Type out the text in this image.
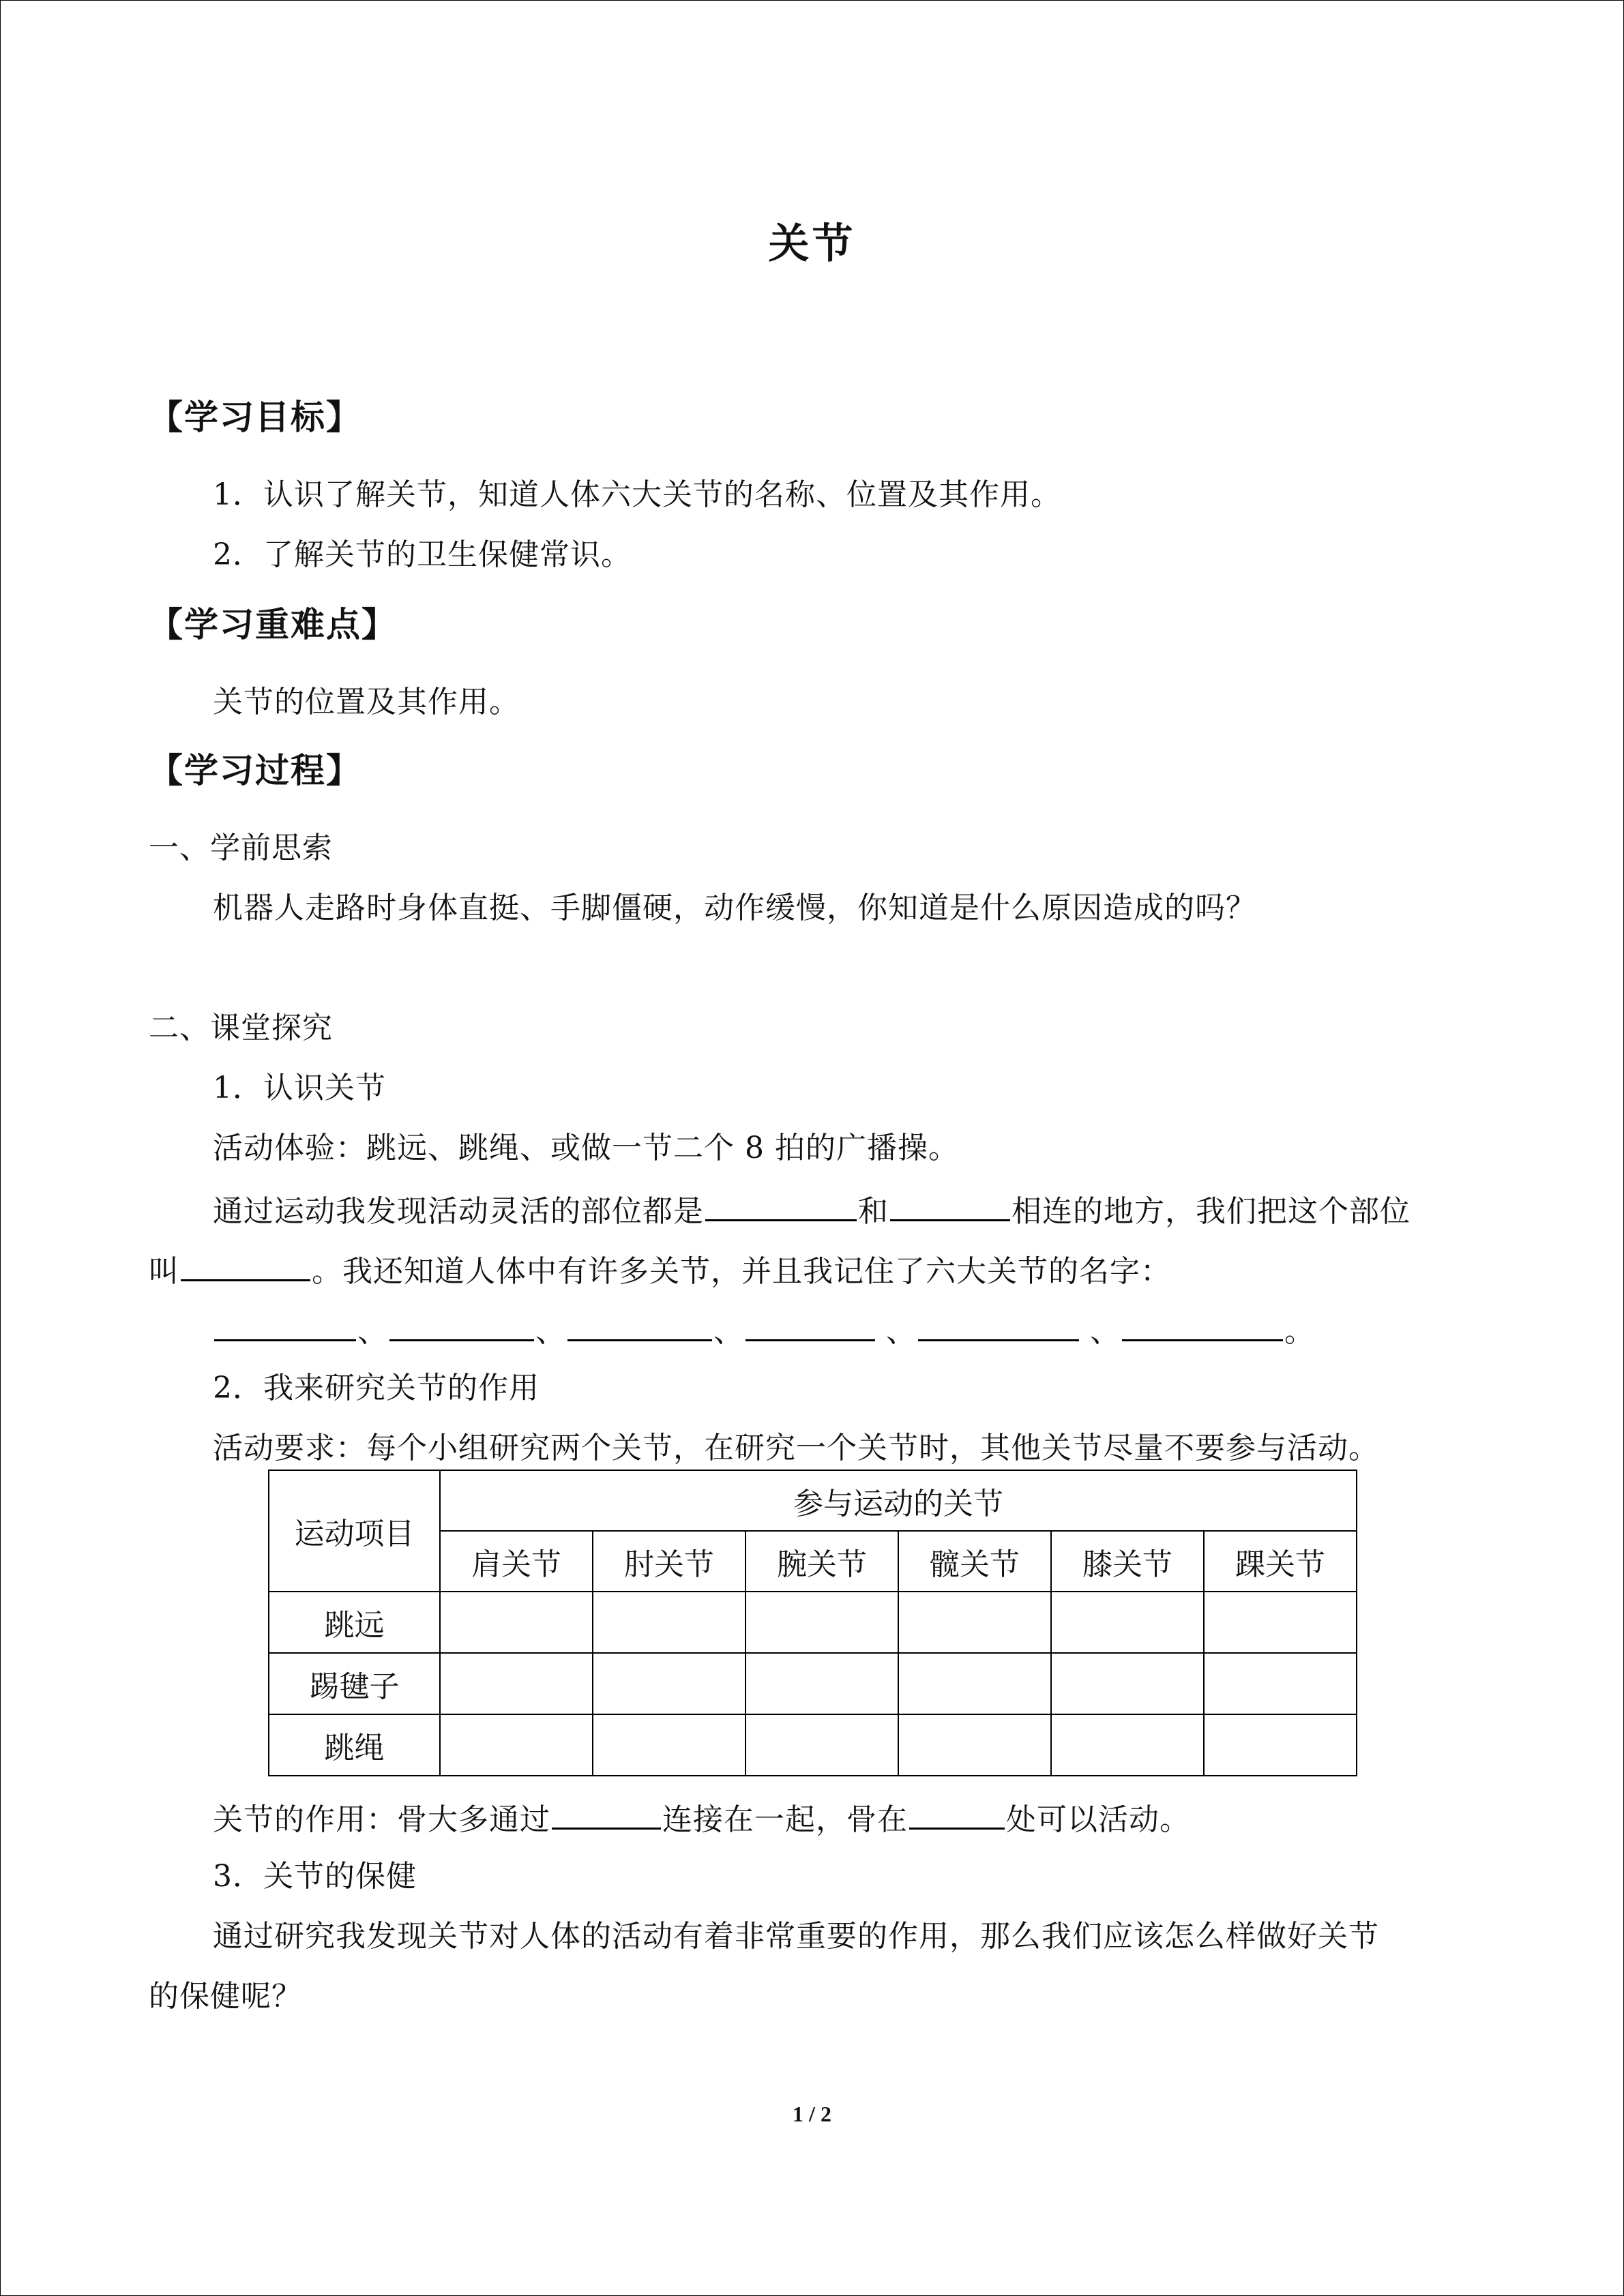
关节
【学习目标】
1．认识了解关节，知道人体六大关节的名称、位置及其作用。
2．了解关节的卫生保健常识。
【学习重难点】
关节的位置及其作用。
【学习过程】
一、学前思索
机器人走路时身体直挺、手脚僵硬，动作缓慢，你知道是什么原因造成的吗？
二、课堂探究
1．认识关节
活动体验：跳远、跳绳、或做一节二个 8 拍的广播操。
通过运动我发现活动灵活的部位都是	和	相连的地方，我们把这个部位
叫	。我还知道人体中有许多关节，并且我记住了六大关节的名字：
、	、	、	、	、	。
2．我来研究关节的作用
活动要求：每个小组研究两个关节，在研究一个关节时，其他关节尽量不要参与活动。
运动项目	参与运动的关节					
	肩关节	肘关节	腕关节	髋关节	膝关节	踝关节
跳远						
踢毽子						
跳绳						
关节的作用：骨大多通过	连接在一起，骨在	处可以活动。
3．关节的保健
通过研究我发现关节对人体的活动有着非常重要的作用，那么我们应该怎么样做好关节
的保健呢？
1 / 2
